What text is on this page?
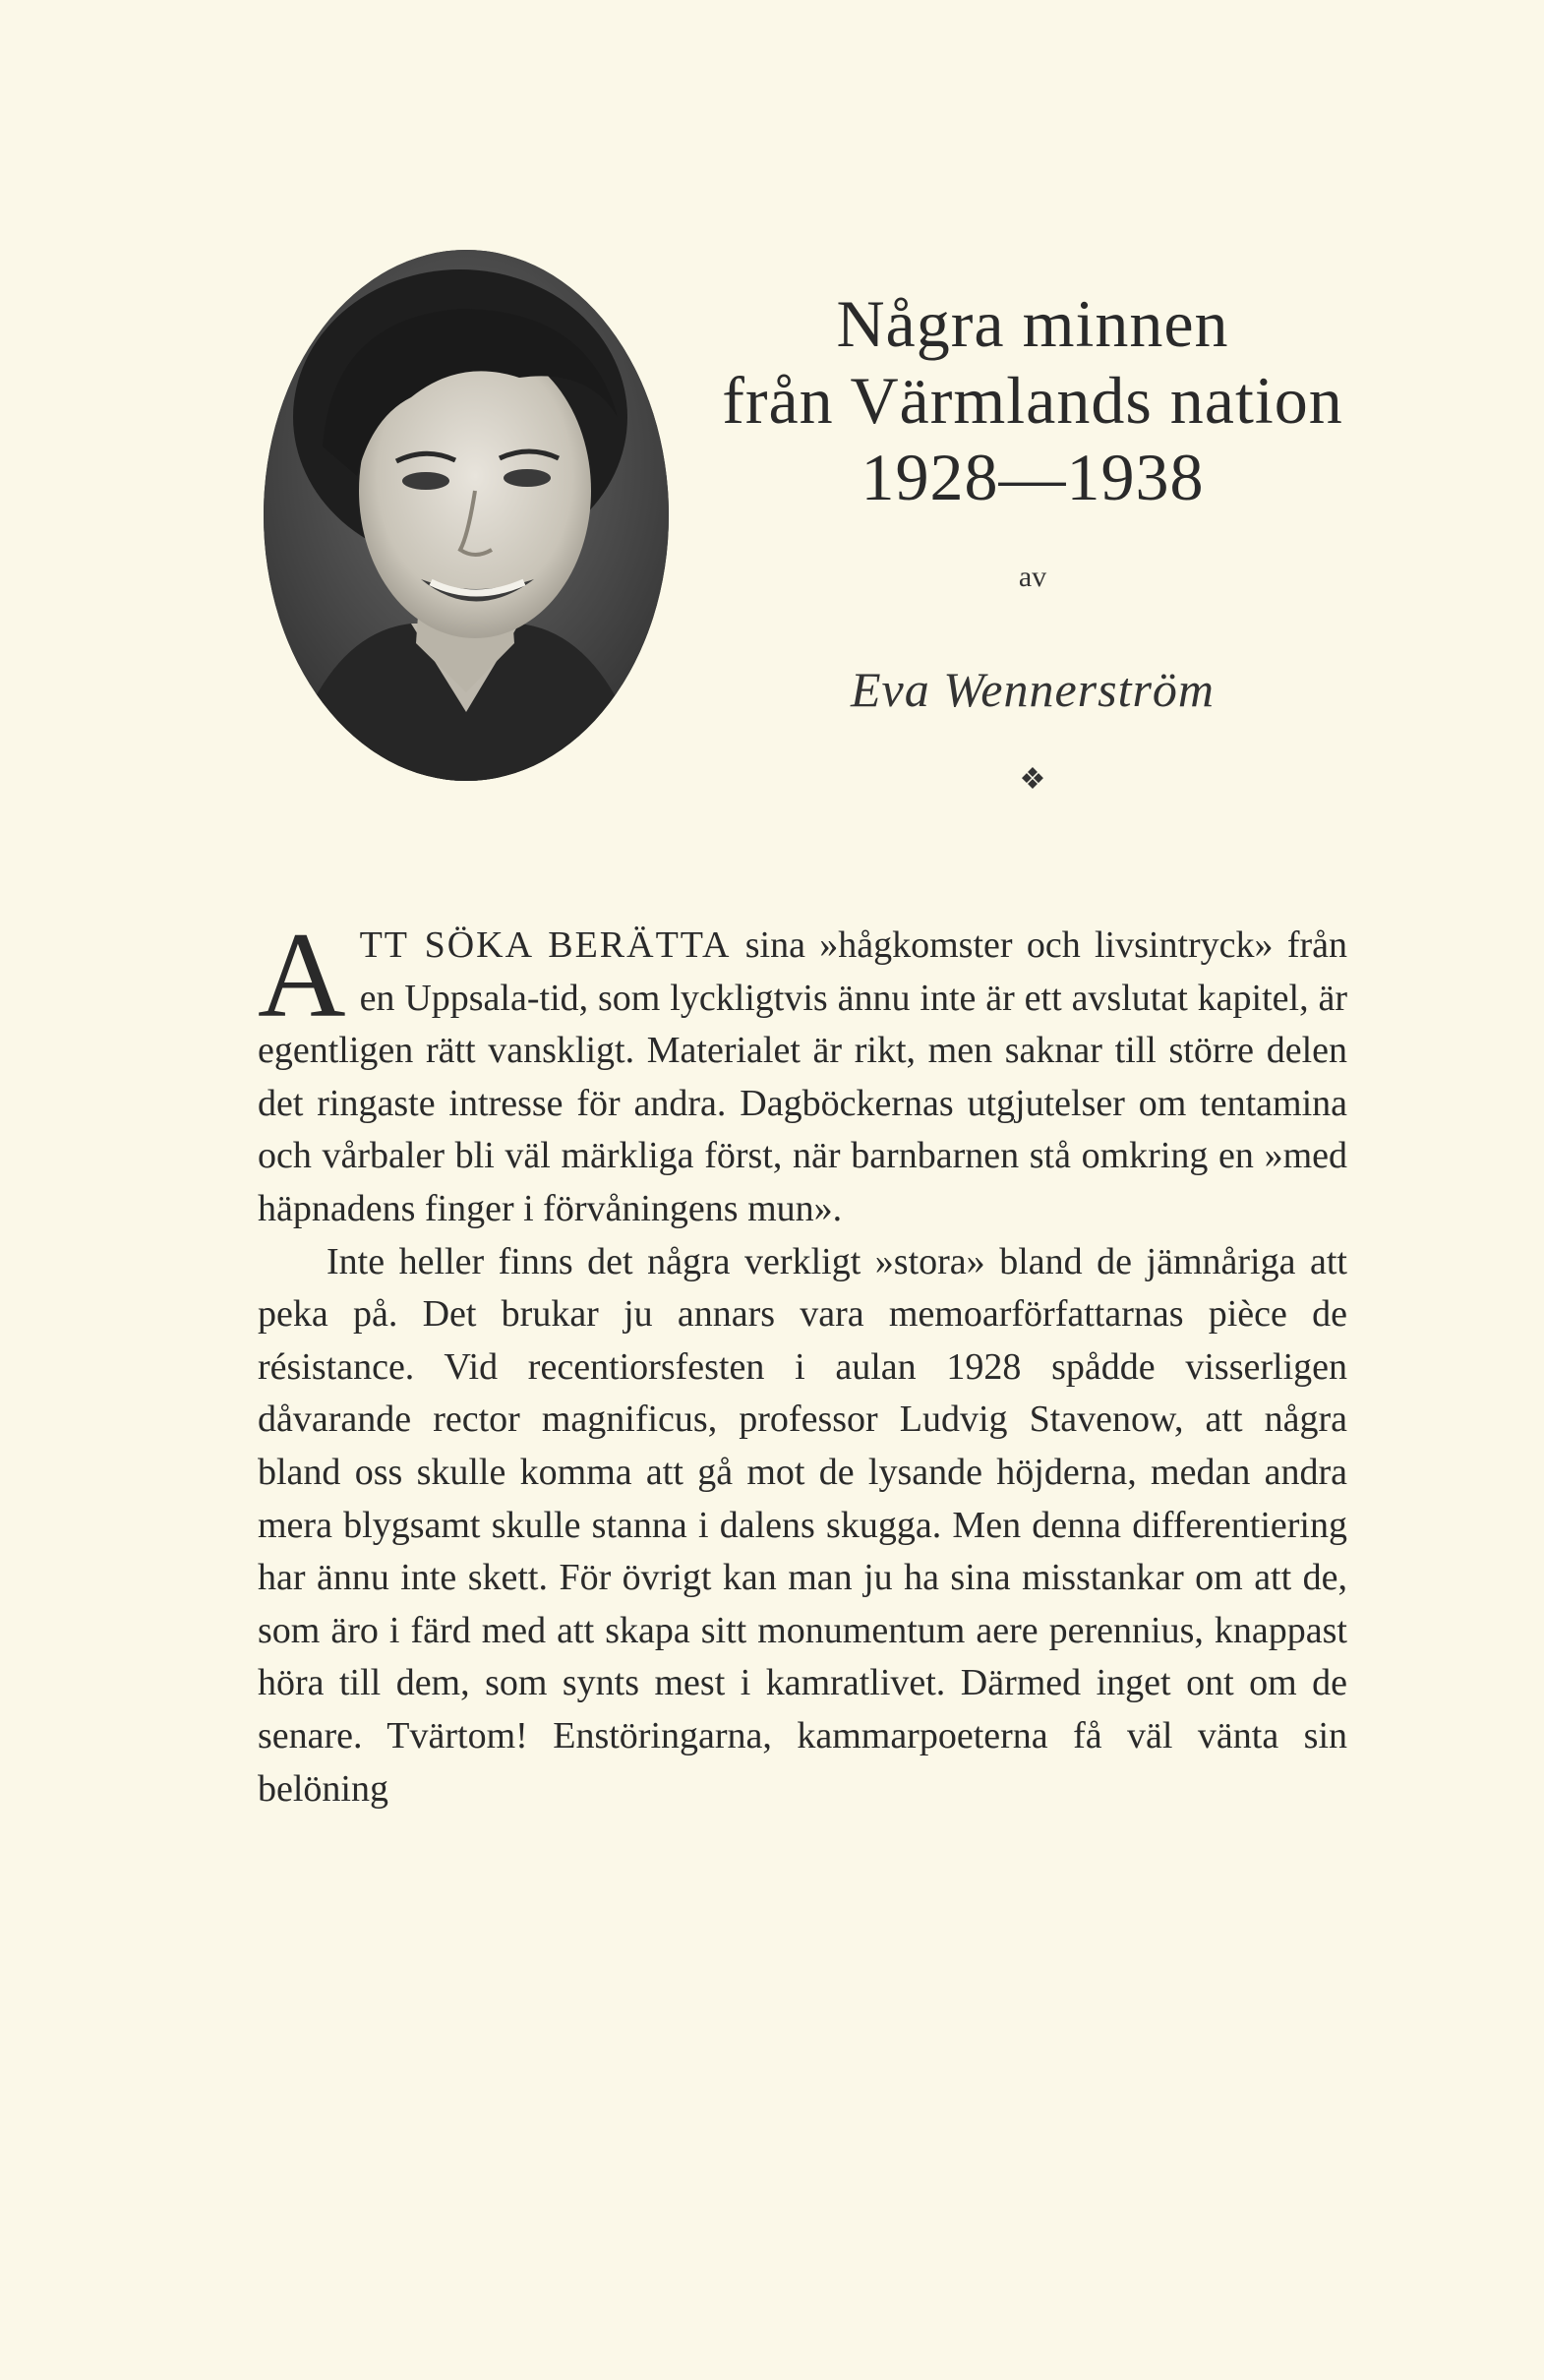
Några minnen
från Värmlands nation
1928—1938
av
Eva Wennerström
❖

ATT SÖKA BERÄTTA sina »hågkomster och livsintryck» från en Uppsala-tid, som lyckligtvis ännu inte är ett avslutat kapitel, är egentligen rätt vanskligt. Materialet är rikt, men saknar till större delen det ringaste intresse för andra. Dagböckernas utgjutelser om tentamina och vårbaler bli väl märkliga först, när barnbarnen stå omkring en »med häpnadens finger i förvåningens mun».

Inte heller finns det några verkligt »stora» bland de jämnåriga att peka på. Det brukar ju annars vara memoarförfattarnas pièce de résistance. Vid recentiorsfesten i aulan 1928 spådde visserligen dåvarande rector magnificus, professor Ludvig Stavenow, att några bland oss skulle komma att gå mot de lysande höjderna, medan andra mera blygsamt skulle stanna i dalens skugga. Men denna differentiering har ännu inte skett. För övrigt kan man ju ha sina misstankar om att de, som äro i färd med att skapa sitt monumentum aere perennius, knappast höra till dem, som synts mest i kamratlivet. Därmed inget ont om de senare. Tvärtom! Enstöringarna, kammarpoeterna få väl vänta sin belöning
